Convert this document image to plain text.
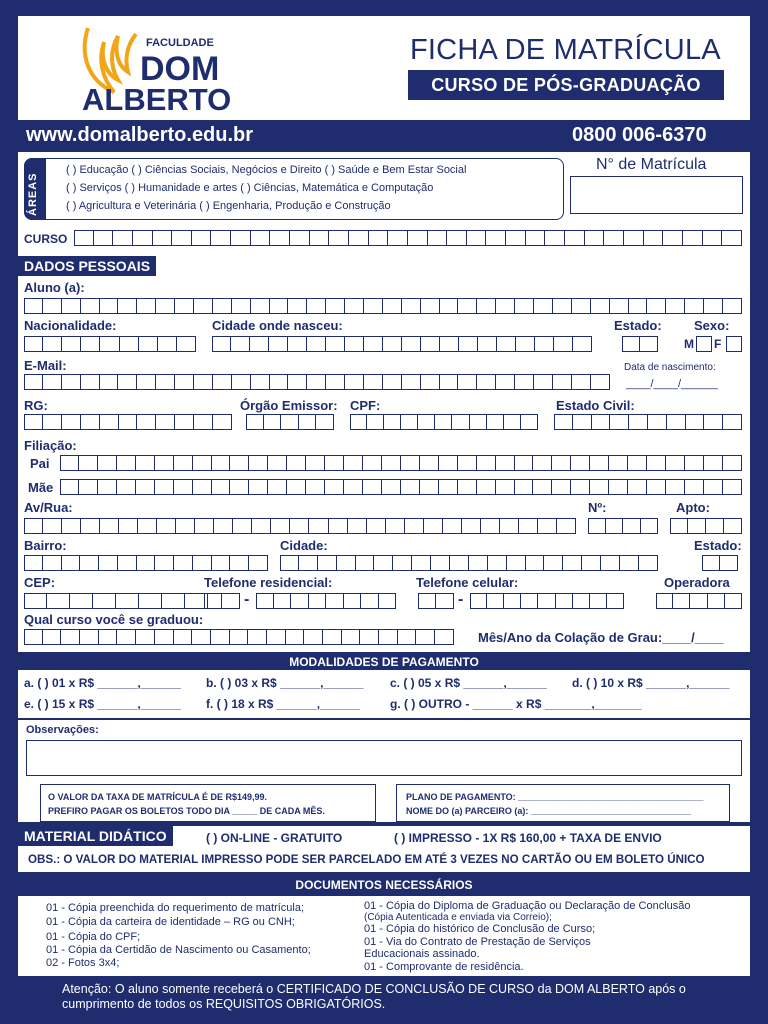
FACULDADE
DOM
ALBERTO
FICHA DE MATRÍCULA
CURSO DE PÓS-GRADUAÇÃO
www.domalberto.edu.br	0800 006-6370
ÁREAS
( ) Educação ( ) Ciências Sociais, Negócios e Direito ( ) Saúde e Bem Estar Social
( ) Serviços ( ) Humanidade e artes ( ) Ciências, Matemática e Computação
( ) Agricultura e Veterinária ( ) Engenharia, Produção e Construção
N° de Matrícula
CURSO
DADOS PESSOAIS
Aluno (a):
Nacionalidade:	Cidade onde nasceu:	Estado: Sexo:
M F
E-Mail:	Data de nascimento:
____/____/______
RG:	Órgão Emissor: CPF:	Estado Civil:
Filiação:
Pai
Mãe
Av/Rua:	Nº:	Apto:
Bairro:	Cidade:	Estado:
CEP:	Telefone residencial:	Telefone celular:	Operadora
-	-
Qual curso você se graduou:
Mês/Ano da Colação de Grau:____/____
MODALIDADES DE PAGAMENTO
a. ( ) 01 x R$ ______,______ b. ( ) 03 x R$ ______,______ c. ( ) 05 x R$ ______,______ d. ( ) 10 x R$ ______,______
e. ( ) 15 x R$ ______,______ f. ( ) 18 x R$ ______,______ g. ( ) OUTRO - ______ x R$ _______,_______
Observações:
O VALOR DA TAXA DE MATRÍCULA É DE R$149,99.
PREFIRO PAGAR OS BOLETOS TODO DIA _____ DE CADA MÊS.
PLANO DE PAGAMENTO: _____________________________________
NOME DO (a) PARCEIRO (a): ________________________________
MATERIAL DIDÁTICO	( ) ON-LINE - GRATUITO	( ) IMPRESSO - 1X R$ 160,00 + TAXA DE ENVIO
OBS.: O VALOR DO MATERIAL IMPRESSO PODE SER PARCELADO EM ATÉ 3 VEZES NO CARTÃO OU EM BOLETO ÚNICO
DOCUMENTOS NECESSÁRIOS
01 - Cópia preenchida do requerimento de matrícula;
01 - Cópia da carteira de identidade – RG ou CNH;
01 - Cópia do CPF;
01 - Cópia da Certidão de Nascimento ou Casamento;
02 - Fotos 3x4;
01 - Cópia do Diploma de Graduação ou Declaração de Conclusão
(Cópia Autenticada e enviada via Correio);
01 - Cópia do histórico de Conclusão de Curso;
01 - Via do Contrato de Prestação de Serviços
Educacionais assinado.
01 - Comprovante de residência.
Atenção: O aluno somente receberá o CERTIFICADO DE CONCLUSÃO DE CURSO da DOM ALBERTO após o cumprimento de todos os REQUISITOS OBRIGATÓRIOS.
